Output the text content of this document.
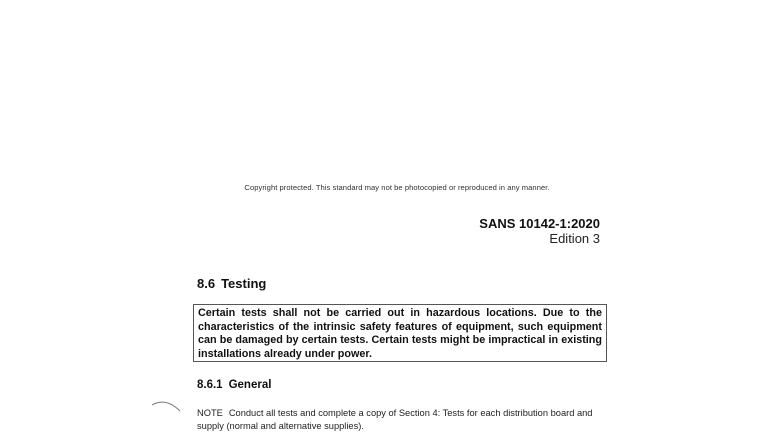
Copyright protected. This standard may not be photocopied or reproduced in any manner.
SANS 10142-1:2020
Edition 3
8.6 Testing
Certain tests shall not be carried out in hazardous locations. Due to the characteristics of the intrinsic safety features of equipment, such equipment can be damaged by certain tests. Certain tests might be impractical in existing installations already under power.
8.6.1 General
NOTE Conduct all tests and complete a copy of Section 4: Tests for each distribution board and supply (normal and alternative supplies).
